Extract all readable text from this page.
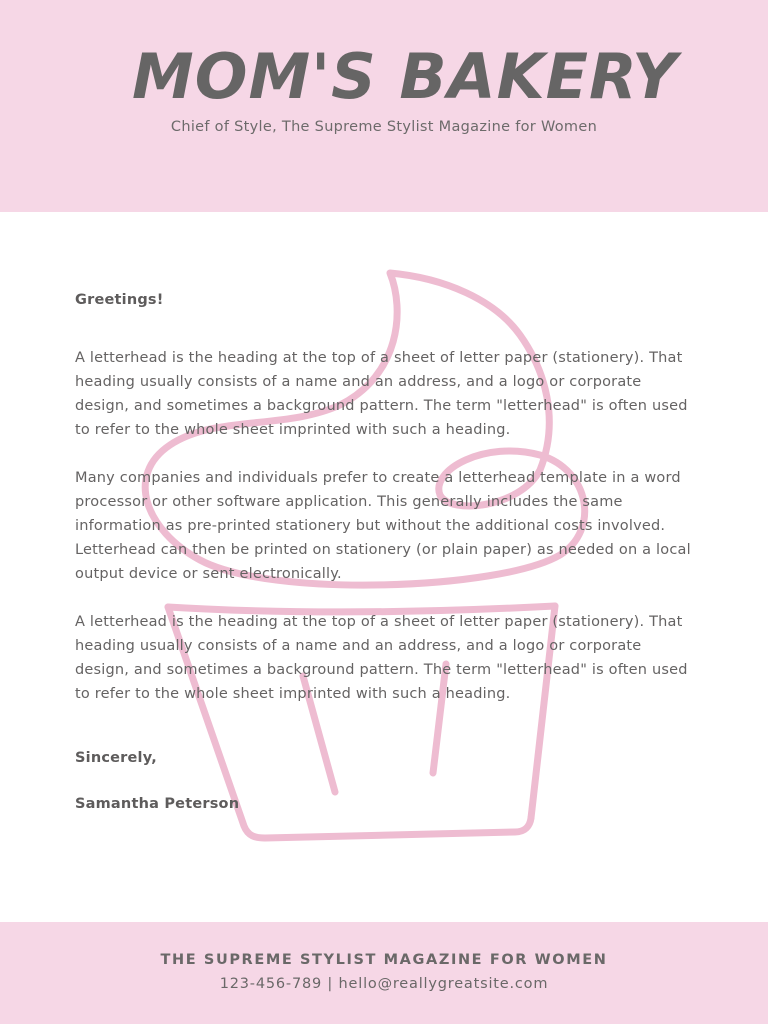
MOM'S BAKERY
Chief of Style, The Supreme Stylist Magazine for Women

Greetings!

A letterhead is the heading at the top of a sheet of letter paper (stationery). That heading usually consists of a name and an address, and a logo or corporate design, and sometimes a background pattern. The term "letterhead" is often used to refer to the whole sheet imprinted with such a heading.

Many companies and individuals prefer to create a letterhead template in a word processor or other software application. This generally includes the same information as pre-printed stationery but without the additional costs involved. Letterhead can then be printed on stationery (or plain paper) as needed on a local output device or sent electronically.

A letterhead is the heading at the top of a sheet of letter paper (stationery). That heading usually consists of a name and an address, and a logo or corporate design, and sometimes a background pattern. The term "letterhead" is often used to refer to the whole sheet imprinted with such a heading.

Sincerely,

Samantha Peterson

THE SUPREME STYLIST MAGAZINE FOR WOMEN
123-456-789 | hello@reallygreatsite.com
